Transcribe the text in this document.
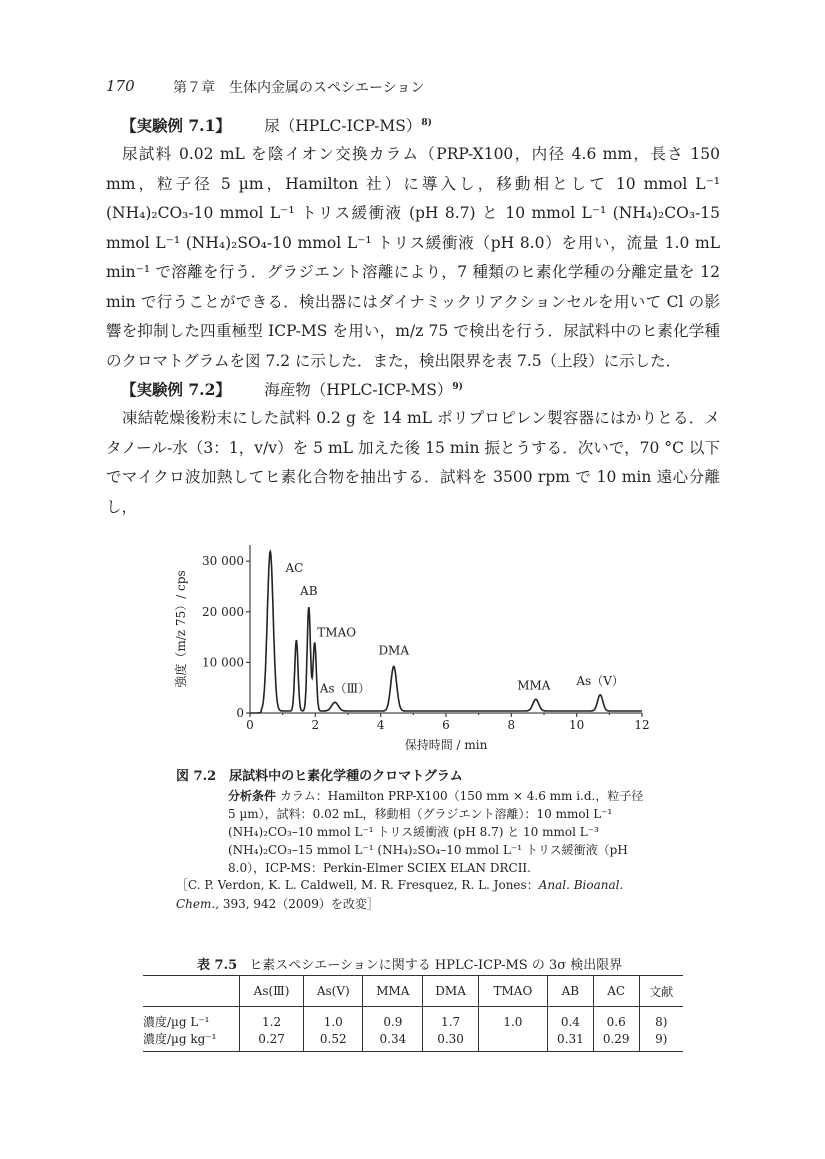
170	第７章　生体内金属のスペシエーション
【実験例 7.1】 尿（HPLC-ICP-MS）$^{8)}$
尿試料 0.02 mL を陰イオン交換カラム（PRP-X100，内径 4.6 mm，長さ 150 mm，粒子径 5 µm，Hamilton 社）に導入し，移動相として 10 mmol L⁻¹ (NH₄)₂CO₃-10 mmol L⁻¹ トリス緩衝液 (pH 8.7) と 10 mmol L⁻¹ (NH₄)₂CO₃-15 mmol L⁻¹ (NH₄)₂SO₄-10 mmol L⁻¹ トリス緩衝液（pH 8.0）を用い，流量 1.0 mL min⁻¹ で溶離を行う．グラジエント溶離により，7 種類のヒ素化学種の分離定量を 12 min で行うことができる．検出器にはダイナミックリアクションセルを用いて Cl の影響を抑制した四重極型 ICP-MS を用い，m/z 75 で検出を行う．尿試料中のヒ素化学種のクロマトグラムを図 7.2 に示した．また，検出限界を表 7.5（上段）に示した．
【実験例 7.2】 海産物（HPLC-ICP-MS）$^{9)}$
凍結乾燥後粉末にした試料 0.2 g を 14 mL ポリプロピレン製容器にはかりとる．メタノール-水（3：1，v/v）を 5 mL 加えた後 15 min 振とうする．次いで，70 °C 以下でマイクロ波加熱してヒ素化合物を抽出する．試料を 3500 rpm で 10 min 遠心分離し，
0	2	4	6	8	10	12
0
10 000
20 000
30 000
保持時間 / min
強度（m/z 75）/ cps
AC
AB
TMAO
As（Ⅲ）
DMA
MMA As（Ⅴ）
図 7.2　尿試料中のヒ素化学種のクロマトグラム
分析条件 カラム：Hamilton PRP-X100（150 mm × 4.6 mm i.d.，粒子径 5 µm），試料：0.02 mL，移動相（グラジエント溶離）：10 mmol L⁻¹ (NH₄)₂CO₃–10 mmol L⁻¹ トリス緩衝液 (pH 8.7) と 10 mmol L⁻³ (NH₄)₂CO₃–15 mmol L⁻¹ (NH₄)₂SO₄–10 mmol L⁻¹ トリス緩衝液（pH 8.0），ICP-MS：Perkin-Elmer SCIEX ELAN DRCII.
［C. P. Verdon, K. L. Caldwell, M. R. Fresquez, R. L. Jones：Anal. Bioanal. Chem., 393, 942（2009）を改変］
表 7.5 ヒ素スペシエーションに関する HPLC-ICP-MS の 3σ 検出限界
	As(Ⅲ)	As(Ⅴ)	MMA	DMA	TMAO	AB	AC	文献
濃度/µg L⁻¹	1.2	1.0	0.9	1.7	1.0	0.4	0.6	8)
濃度/µg kg⁻¹	0.27	0.52	0.34	0.30		0.31	0.29	9)
